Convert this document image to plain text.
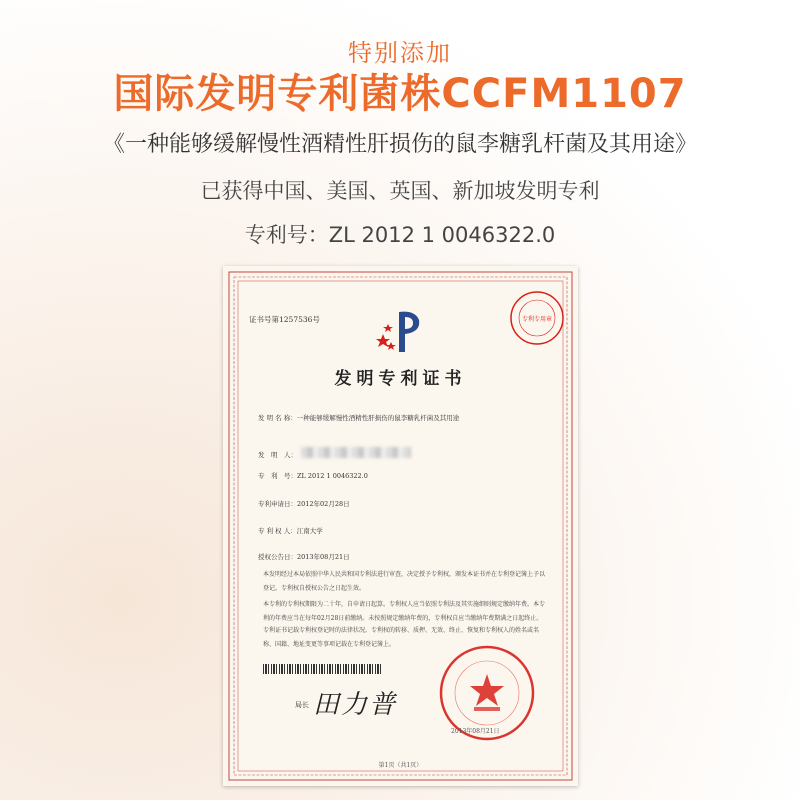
特别添加
国际发明专利菌株CCFM1107
《一种能够缓解慢性酒精性肝损伤的鼠李糖乳杆菌及其用途》
已获得中国、美国、英国、新加坡发明专利
专利号：ZL 2012 1 0046322.0
证书号第1257536号	专利专用章
发明专利证书
发 明 名 称：一种能够缓解慢性酒精性肝损伤的鼠李糖乳杆菌及其用途
发　明　人：
专　利　号：ZL 2012 1 0046322.0
专利申请日：2012年02月28日
专 利 权 人：江南大学
授权公告日：2013年08月21日
本发明经过本局依照中华人民共和国专利法进行审查，决定授予专利权，颁发本证书并在专利登记簿上予以登记。专利权自授权公告之日起生效。
本专利的专利权期限为二十年，自申请日起算。专利权人应当依照专利法及其实施细则规定缴纳年费。本专利的年费应当在每年02月28日前缴纳。未按照规定缴纳年费的，专利权自应当缴纳年费期满之日起终止。
专利证书记载专利权登记时的法律状况。专利权的转移、质押、无效、终止、恢复和专利权人的姓名或名称、国籍、地址变更等事项记载在专利登记簿上。
局长 田力普
2013年08月21日
第1页（共1页）
